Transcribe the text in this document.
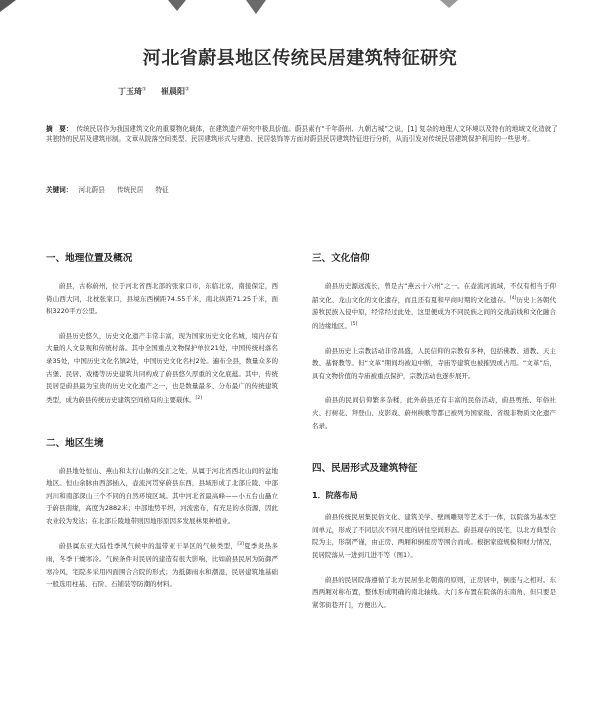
河北省蔚县地区传统民居建筑特征研究
丁玉琦① 崔晨阳②

摘　要： 传统民居作为我国建筑文化的重要物化载体，在建筑遗产研究中极具价值。蔚县素有“千年蔚州、九朝古城”之说，[1] 复杂的地理人文环境以及特有的地域文化造就了其独特的民居及建筑形制。文章从院落空间类型、民居建筑形式与建造、民居装饰等方面对蔚县民居建筑特征进行分析，从而引发对传统民居建筑保护利用的一些思考。

关键词： 河北蔚县 传统民居 特征

一、地理位置及概况

蔚县，古称蔚州，位于河北省西北部的张家口市，东临北京，南接保定，西倚山西大同，北枕张家口，县境东西横距74.55千米，南北纵距71.25千米，面积3220平方公里。

蔚县历史悠久，历史文化遗产丰常丰富，现为国家历史文化名城，境内存有大量的人文景观和传统村落。其中全国重点文物保护单位21处，中国传统村落名录35处，中国历史文化名镇2处，中国历史文化名村2处。遍布全县，数量众多的古堡、民居、戏楼等历史建筑共同构成了蔚县悠久厚重的文化底蕴。其中，传统民居是蔚县最为宝贵的历史文化遗产之一，也是数量最多、分布最广的传统建筑类型，成为蔚县传统历史建筑空间格局的主要载体。[2]

二、地区生境

蔚县地处恒山、燕山和太行山脉的交汇之处，从属于河北省西北山间的盆地地区。恒山余脉由西部插入，壶流河贯穿蔚县东西，县域形成了北部丘陵、中部河川和南部深山三个不同的自然环境区域。其中河北省最高峰——小五台山矗立于蔚县南缘，高度为2882米；中部地势平坦，河流密布，有充足的水资源，因此农业较为发达；在北部丘陵地带则因地形原因多发展林果种植业。

蔚县属东亚大陆性季风气候中的温带亚干旱区的气候类型，[3]夏季炎热多雨，冬季干燥寒冷。气候条件对民居的建造有很大影响，比如蔚县民居为防御严寒冷风，宅院多采用四面围合合院的形式；为抵御雨水和潮湿，民居建筑地基础一般选用柱基、石阶、石铺装等防潮的材料。

三、文化信仰

蔚县历史源远流长，曾是古“燕云十六州”之一。在壶流河流域，不仅有相当于仰韶文化、龙山文化的文化遗存，而且还有夏和早商时期的文化遗存。[4]历史上各朝代游牧民族入侵中原，经常经过此处，这里便成为不同民族之间的交战前线和文化融合的边缘地区。[5]

蔚县历史上宗教活动非常昌盛，人民信仰的宗教有多种，包括佛教、道教、天主教、基督教等。但“文革”期间均被迫中断，寺庙等建筑也被摧毁或占用。“文革”后，具有文物价值的寺庙被重点保护，宗教活动也逐步展开。

蔚县的民间信仰繁多杂糅，此外蔚县还有丰富的民俗活动，蔚县剪纸、年俗社火、打树花、拜登山、皮影戏、蔚州秧歌等都已被列为国家级、省级非物质文化遗产名录。

四、民居形式及建筑特征
1．院落布局

蔚县传统民居集民俗文化、建筑美学、壁画雕刻等艺术于一体，以院落为基本空间单元，形成了不同层次不同尺度的居住空间形态。蔚县现存的民宅，以北方典型合院为主，形制严谨，由正房、两厢和倒座房等围合而成。根据家庭规模和财力情况，民居院落从一进到几进不等（图1）。

蔚县的民居院落遵循了北方民居坐北朝南的原则，正房居中，倒座与之相对。东西两厢对称布置，整体形成明确的南北轴线。大门多布置在院落的东南角，但只要是紧邻街巷开门，方便出入。
